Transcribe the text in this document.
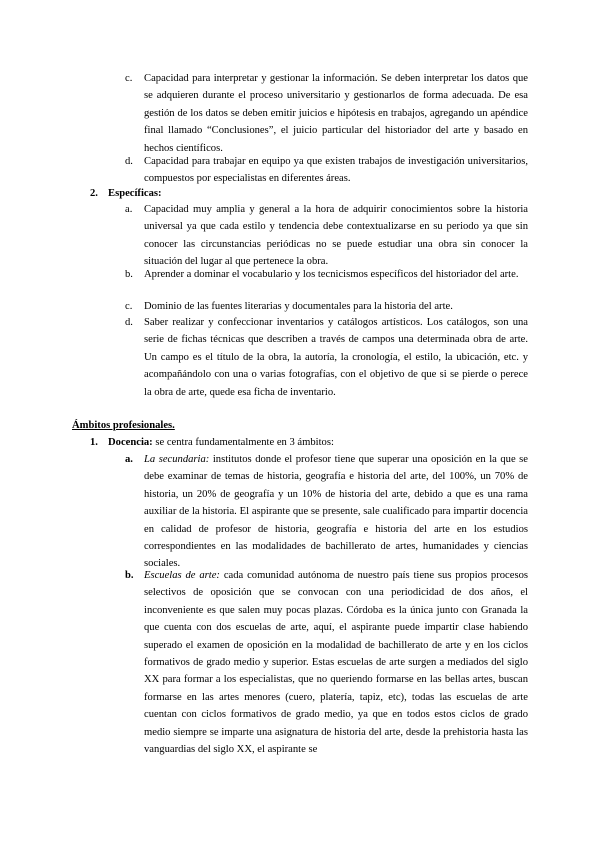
c. Capacidad para interpretar y gestionar la información. Se deben interpretar los datos que se adquieren durante el proceso universitario y gestionarlos de forma adecuada. De esa gestión de los datos se deben emitir juicios e hipótesis en trabajos, agregando un apéndice final llamado “Conclusiones”, el juicio particular del historiador del arte y basado en hechos científicos.
d. Capacidad para trabajar en equipo ya que existen trabajos de investigación universitarios, compuestos por especialistas en diferentes áreas.
2. Específicas:
a. Capacidad muy amplia y general a la hora de adquirir conocimientos sobre la historia universal ya que cada estilo y tendencia debe contextualizarse en su periodo ya que sin conocer las circunstancias periódicas no se puede estudiar una obra sin conocer la situación del lugar al que pertenece la obra.
b. Aprender a dominar el vocabulario y los tecnicismos específicos del historiador del arte.
c. Dominio de las fuentes literarias y documentales para la historia del arte.
d. Saber realizar y confeccionar inventarios y catálogos artísticos. Los catálogos, son una serie de fichas técnicas que describen a través de campos una determinada obra de arte. Un campo es el título de la obra, la autoría, la cronología, el estilo, la ubicación, etc. y acompañándolo con una o varias fotografías, con el objetivo de que si se pierde o perece la obra de arte, quede esa ficha de inventario.
Ámbitos profesionales.
1. Docencia: se centra fundamentalmente en 3 ámbitos:
a. La secundaria: institutos donde el profesor tiene que superar una oposición en la que se debe examinar de temas de historia, geografía e historia del arte, del 100%, un 70% de historia, un 20% de geografía y un 10% de historia del arte, debido a que es una rama auxiliar de la historia. El aspirante que se presente, sale cualificado para impartir docencia en calidad de profesor de historia, geografía e historia del arte en los estudios correspondientes en las modalidades de bachillerato de artes, humanidades y ciencias sociales.
b. Escuelas de arte: cada comunidad autónoma de nuestro país tiene sus propios procesos selectivos de oposición que se convocan con una periodicidad de dos años, el inconveniente es que salen muy pocas plazas. Córdoba es la única junto con Granada la que cuenta con dos escuelas de arte, aquí, el aspirante puede impartir clase habiendo superado el examen de oposición en la modalidad de bachillerato de arte y en los ciclos formativos de grado medio y superior. Estas escuelas de arte surgen a mediados del siglo XX para formar a los especialistas, que no queriendo formarse en las bellas artes, buscan formarse en las artes menores (cuero, platería, tapiz, etc), todas las escuelas de arte cuentan con ciclos formativos de grado medio, ya que en todos estos ciclos de grado medio siempre se imparte una asignatura de historia del arte, desde la prehistoria hasta las vanguardias del siglo XX, el aspirante se
